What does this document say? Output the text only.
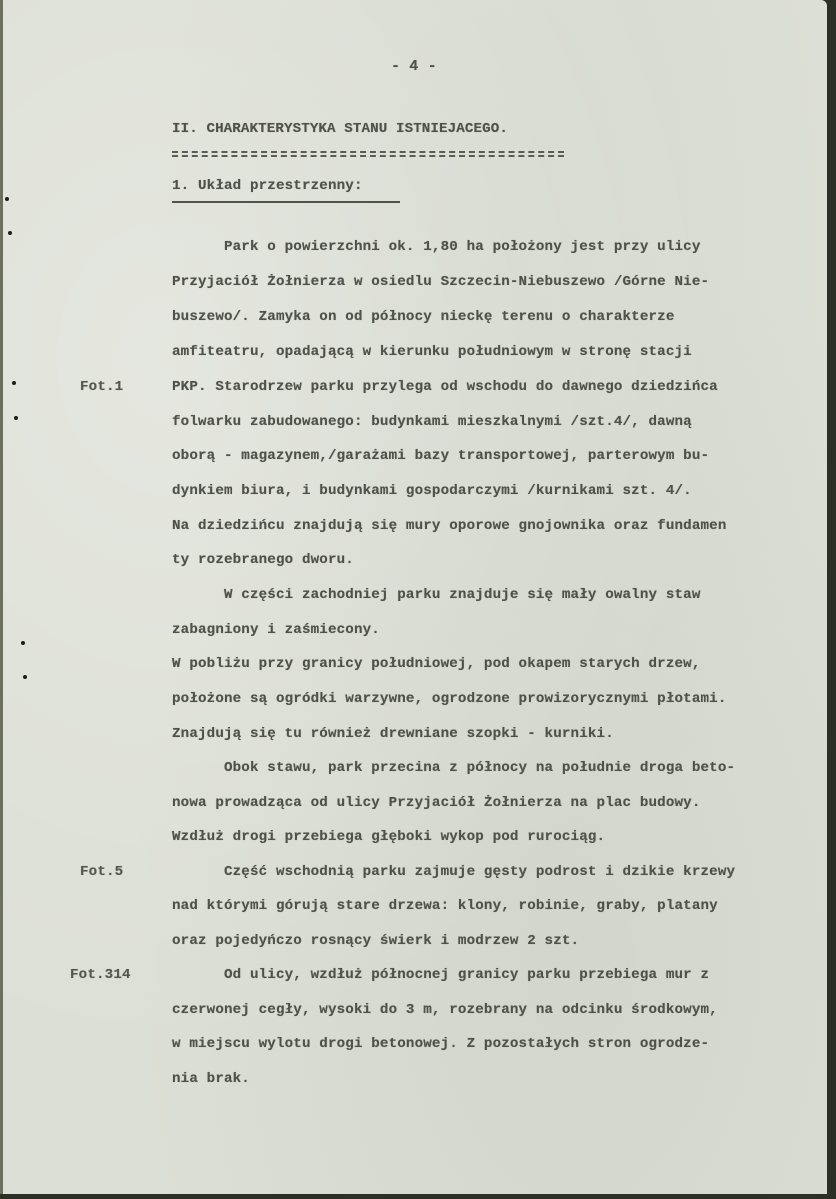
- 4 -
II. CHARAKTERYSTYKA STANU ISTNIEJACEGO.
1. Układ przestrzenny:
Park o powierzchni ok. 1,80 ha położony jest przy ulicy
Przyjaciół Żołnierza w osiedlu Szczecin-Niebuszewo /Górne Nie-
buszewo/. Zamyka on od północy nieckę terenu o charakterze
amfiteatru, opadającą w kierunku południowym w stronę stacji
PKP. Starodrzew parku przylega od wschodu do dawnego dziedzińca
folwarku zabudowanego: budynkami mieszkalnymi /szt.4/, dawną
oborą - magazynem,/garażami bazy transportowej, parterowym bu-
dynkiem biura, i budynkami gospodarczymi /kurnikami szt. 4/.
Na dziedzińcu znajdują się mury oporowe gnojownika oraz fundamen
ty rozebranego dworu.
W części zachodniej parku znajduje się mały owalny staw
zabagniony i zaśmiecony.
W pobliżu przy granicy południowej, pod okapem starych drzew,
położone są ogródki warzywne, ogrodzone prowizorycznymi płotami.
Znajdują się tu również drewniane szopki - kurniki.
Obok stawu, park przecina z północy na południe droga beto-
nowa prowadząca od ulicy Przyjaciół Żołnierza na plac budowy.
Wzdłuż drogi przebiega głęboki wykop pod rurociąg.
Część wschodnią parku zajmuje gęsty podrost i dzikie krzewy
nad którymi górują stare drzewa: klony, robinie, graby, platany
oraz pojedyńczo rosnący świerk i modrzew 2 szt.
Od ulicy, wzdłuż północnej granicy parku przebiega mur z
czerwonej cegły, wysoki do 3 m, rozebrany na odcinku środkowym,
w miejscu wylotu drogi betonowej. Z pozostałych stron ogrodze-
nia brak.
Fot.1
Fot.5
Fot.314
